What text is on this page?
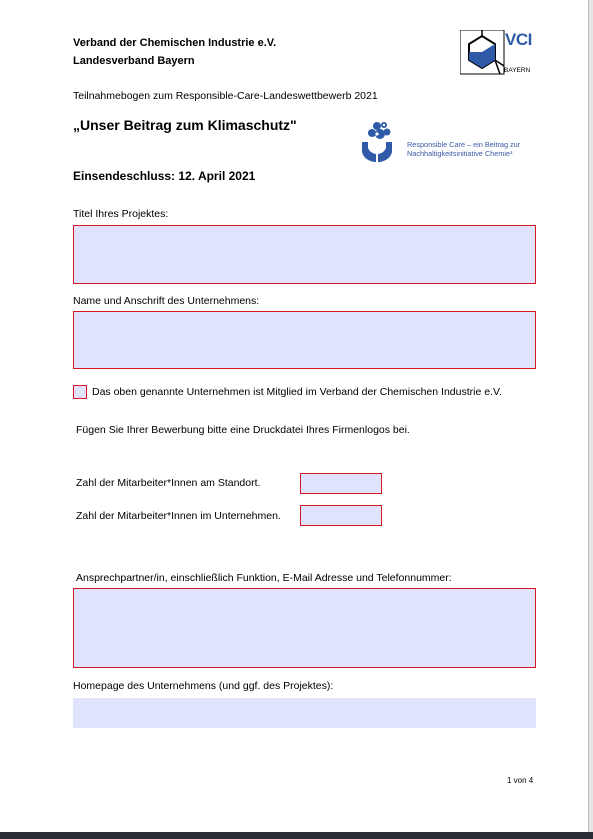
Verband der Chemischen Industrie e.V.
Landesverband Bayern
VCI
BAYERN
Teilnahmebogen zum Responsible-Care-Landeswettbewerb 2021
„Unser Beitrag zum Klimaschutz"
Responsible Care – ein Beitrag zur
Nachhaltigkeitsinitiative Chemie³
Einsendeschluss: 12. April 2021
Titel Ihres Projektes:
Name und Anschrift des Unternehmens:
Das oben genannte Unternehmen ist Mitglied im Verband der Chemischen Industrie e.V.
Fügen Sie Ihrer Bewerbung bitte eine Druckdatei Ihres Firmenlogos bei.
Zahl der Mitarbeiter*Innen am Standort.
Zahl der Mitarbeiter*Innen im Unternehmen.
Ansprechpartner/in, einschließlich Funktion, E-Mail Adresse und Telefonnummer:
Homepage des Unternehmens (und ggf. des Projektes):
1 von 4
